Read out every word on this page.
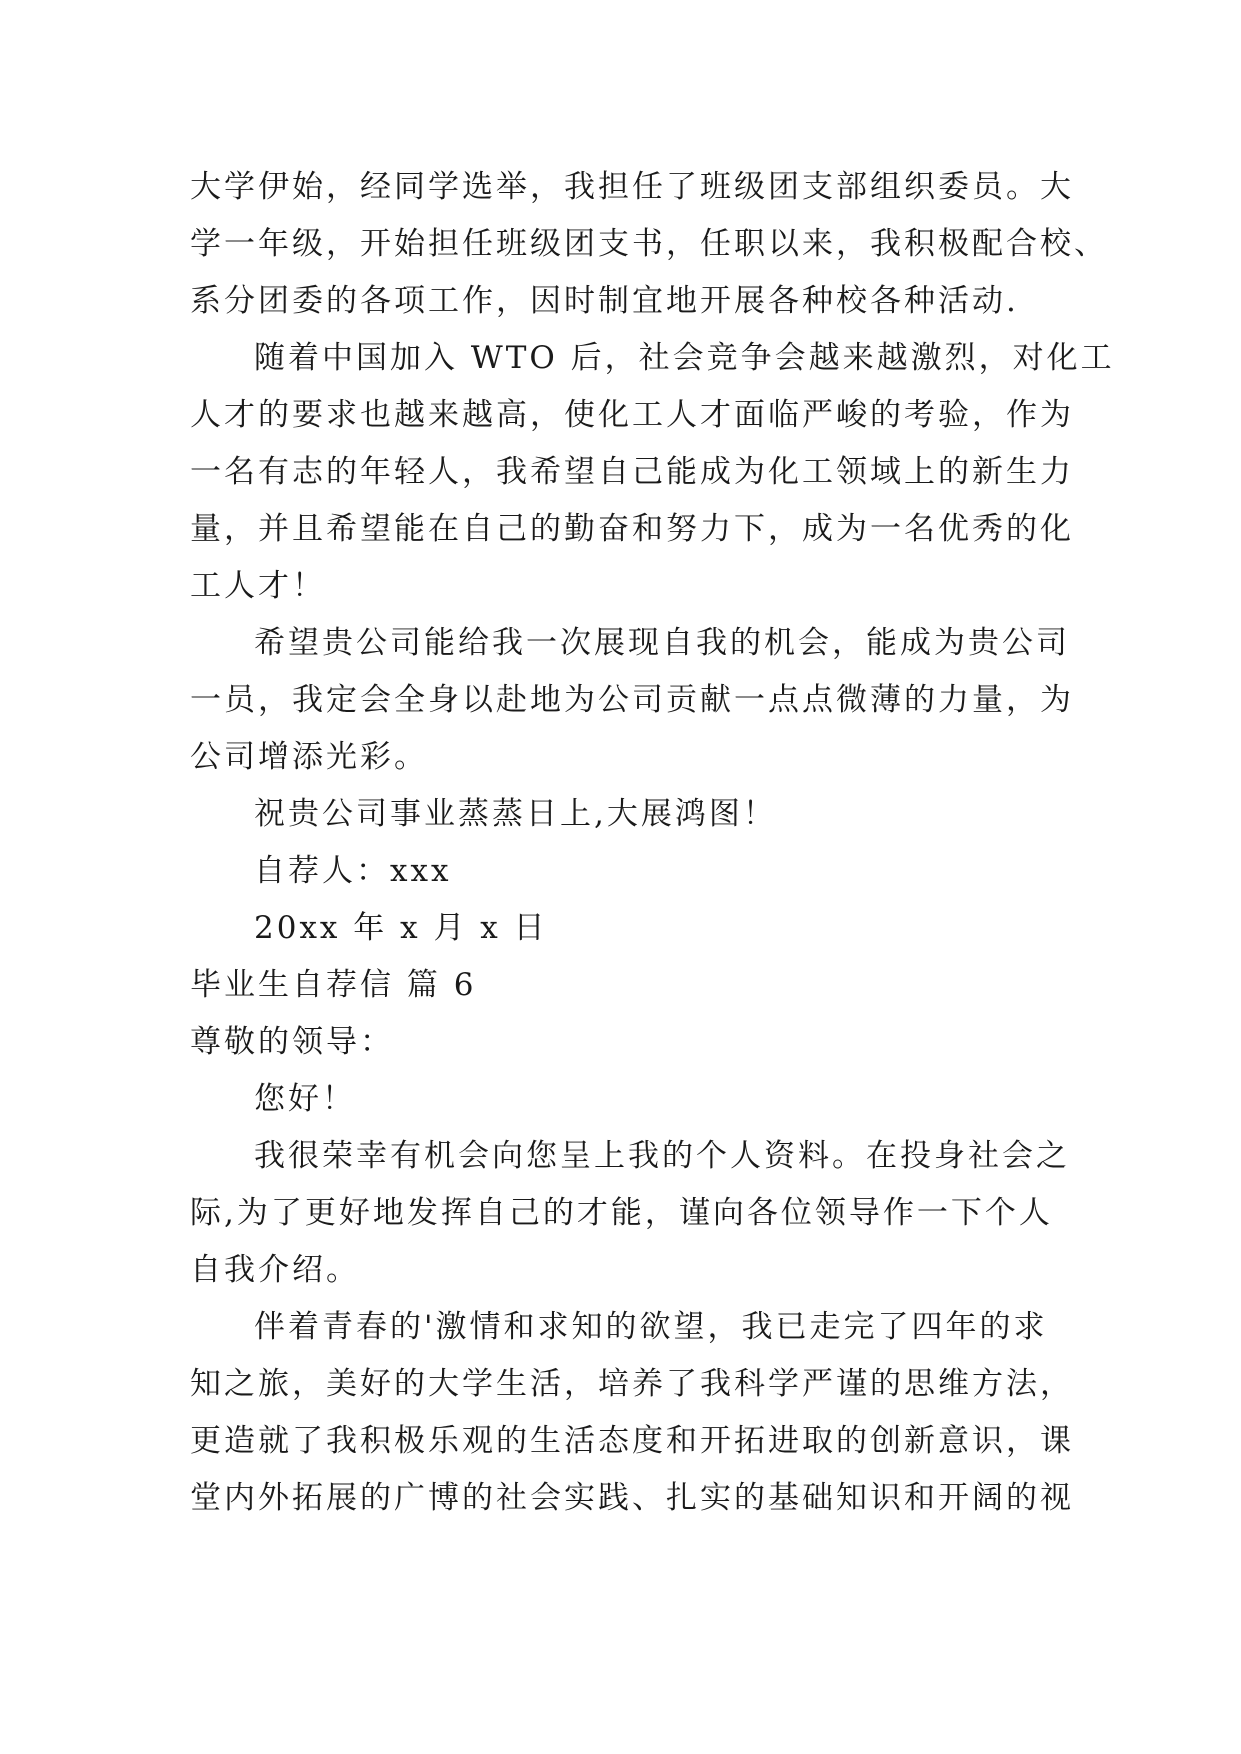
大学伊始，经同学选举，我担任了班级团支部组织委员。大
学一年级，开始担任班级团支书，任职以来，我积极配合校、
系分团委的各项工作，因时制宜地开展各种校各种活动.
随着中国加入 WTO 后，社会竞争会越来越激烈，对化工
人才的要求也越来越高，使化工人才面临严峻的考验，作为
一名有志的年轻人，我希望自己能成为化工领域上的新生力
量，并且希望能在自己的勤奋和努力下，成为一名优秀的化
工人才！
希望贵公司能给我一次展现自我的机会，能成为贵公司
一员，我定会全身以赴地为公司贡献一点点微薄的力量，为
公司增添光彩。
祝贵公司事业蒸蒸日上,大展鸿图！
自荐人：xxx
20xx 年 x 月 x 日
毕业生自荐信 篇 6
尊敬的领导：
您好！
我很荣幸有机会向您呈上我的个人资料。在投身社会之
际,为了更好地发挥自己的才能，谨向各位领导作一下个人
自我介绍。
伴着青春的'激情和求知的欲望，我已走完了四年的求
知之旅，美好的大学生活，培养了我科学严谨的思维方法，
更造就了我积极乐观的生活态度和开拓进取的创新意识，课
堂内外拓展的广博的社会实践、扎实的基础知识和开阔的视
